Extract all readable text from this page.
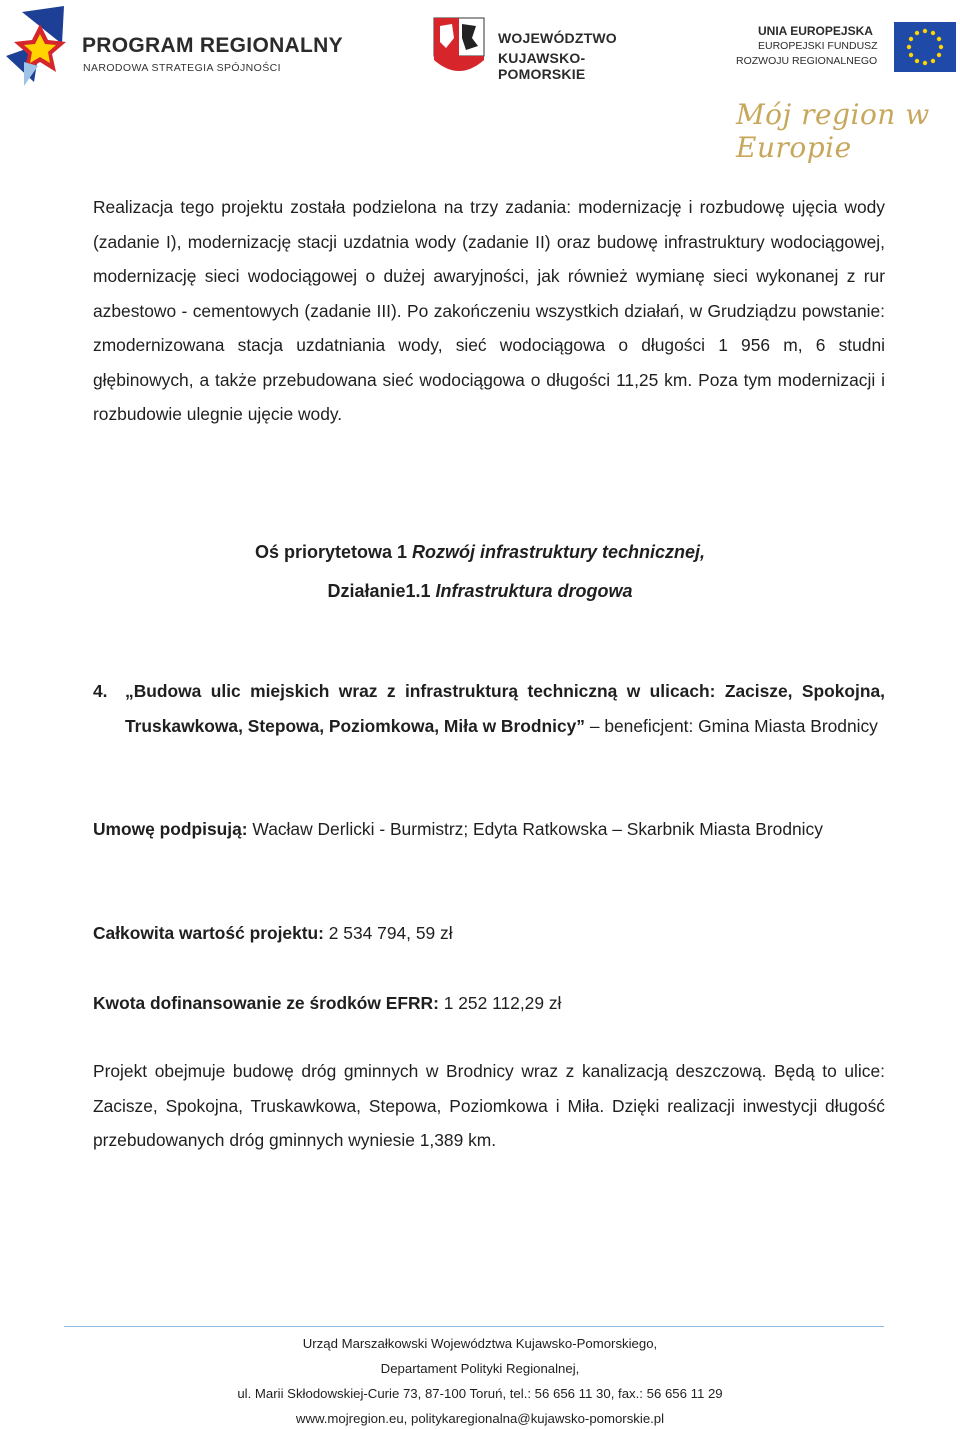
PROGRAM REGIONALNY
NARODOWA STRATEGIA SPÓJNOŚCI
WOJEWÓDZTWO
KUJAWSKO-POMORSKIE
UNIA EUROPEJSKA
EUROPEJSKI FUNDUSZ
ROZWOJU REGIONALNEGO
Mój region w Europie
Realizacja tego projektu została podzielona na trzy zadania: modernizację i rozbudowę ujęcia wody (zadanie I), modernizację stacji uzdatnia wody (zadanie II) oraz budowę infrastruktury wodociągowej, modernizację sieci wodociągowej o dużej awaryjności, jak również wymianę sieci wykonanej z rur azbestowo - cementowych (zadanie III). Po zakończeniu wszystkich działań, w Grudziądzu powstanie: zmodernizowana stacja uzdatniania wody, sieć wodociągowa o długości 1 956 m, 6 studni głębinowych, a także przebudowana sieć wodociągowa o długości 11,25 km. Poza tym modernizacji i rozbudowie ulegnie ujęcie wody.
Oś priorytetowa 1 Rozwój infrastruktury technicznej,
Działanie1.1 Infrastruktura drogowa
4. „Budowa ulic miejskich wraz z infrastrukturą techniczną w ulicach: Zacisze, Spokojna, Truskawkowa, Stepowa, Poziomkowa, Miła w Brodnicy” – beneficjent: Gmina Miasta Brodnicy
Umowę podpisują: Wacław Derlicki - Burmistrz; Edyta Ratkowska – Skarbnik Miasta Brodnicy
Całkowita wartość projektu: 2 534 794, 59 zł
Kwota dofinansowanie ze środków EFRR: 1 252 112,29 zł
Projekt obejmuje budowę dróg gminnych w Brodnicy wraz z kanalizacją deszczową. Będą to ulice: Zacisze, Spokojna, Truskawkowa, Stepowa, Poziomkowa i Miła. Dzięki realizacji inwestycji długość przebudowanych dróg gminnych wyniesie 1,389 km.
Urząd Marszałkowski Województwa Kujawsko-Pomorskiego,
Departament Polityki Regionalnej,
ul. Marii Skłodowskiej-Curie 73, 87-100 Toruń, tel.: 56 656 11 30, fax.: 56 656 11 29
www.mojregion.eu, politykaregionalna@kujawsko-pomorskie.pl
